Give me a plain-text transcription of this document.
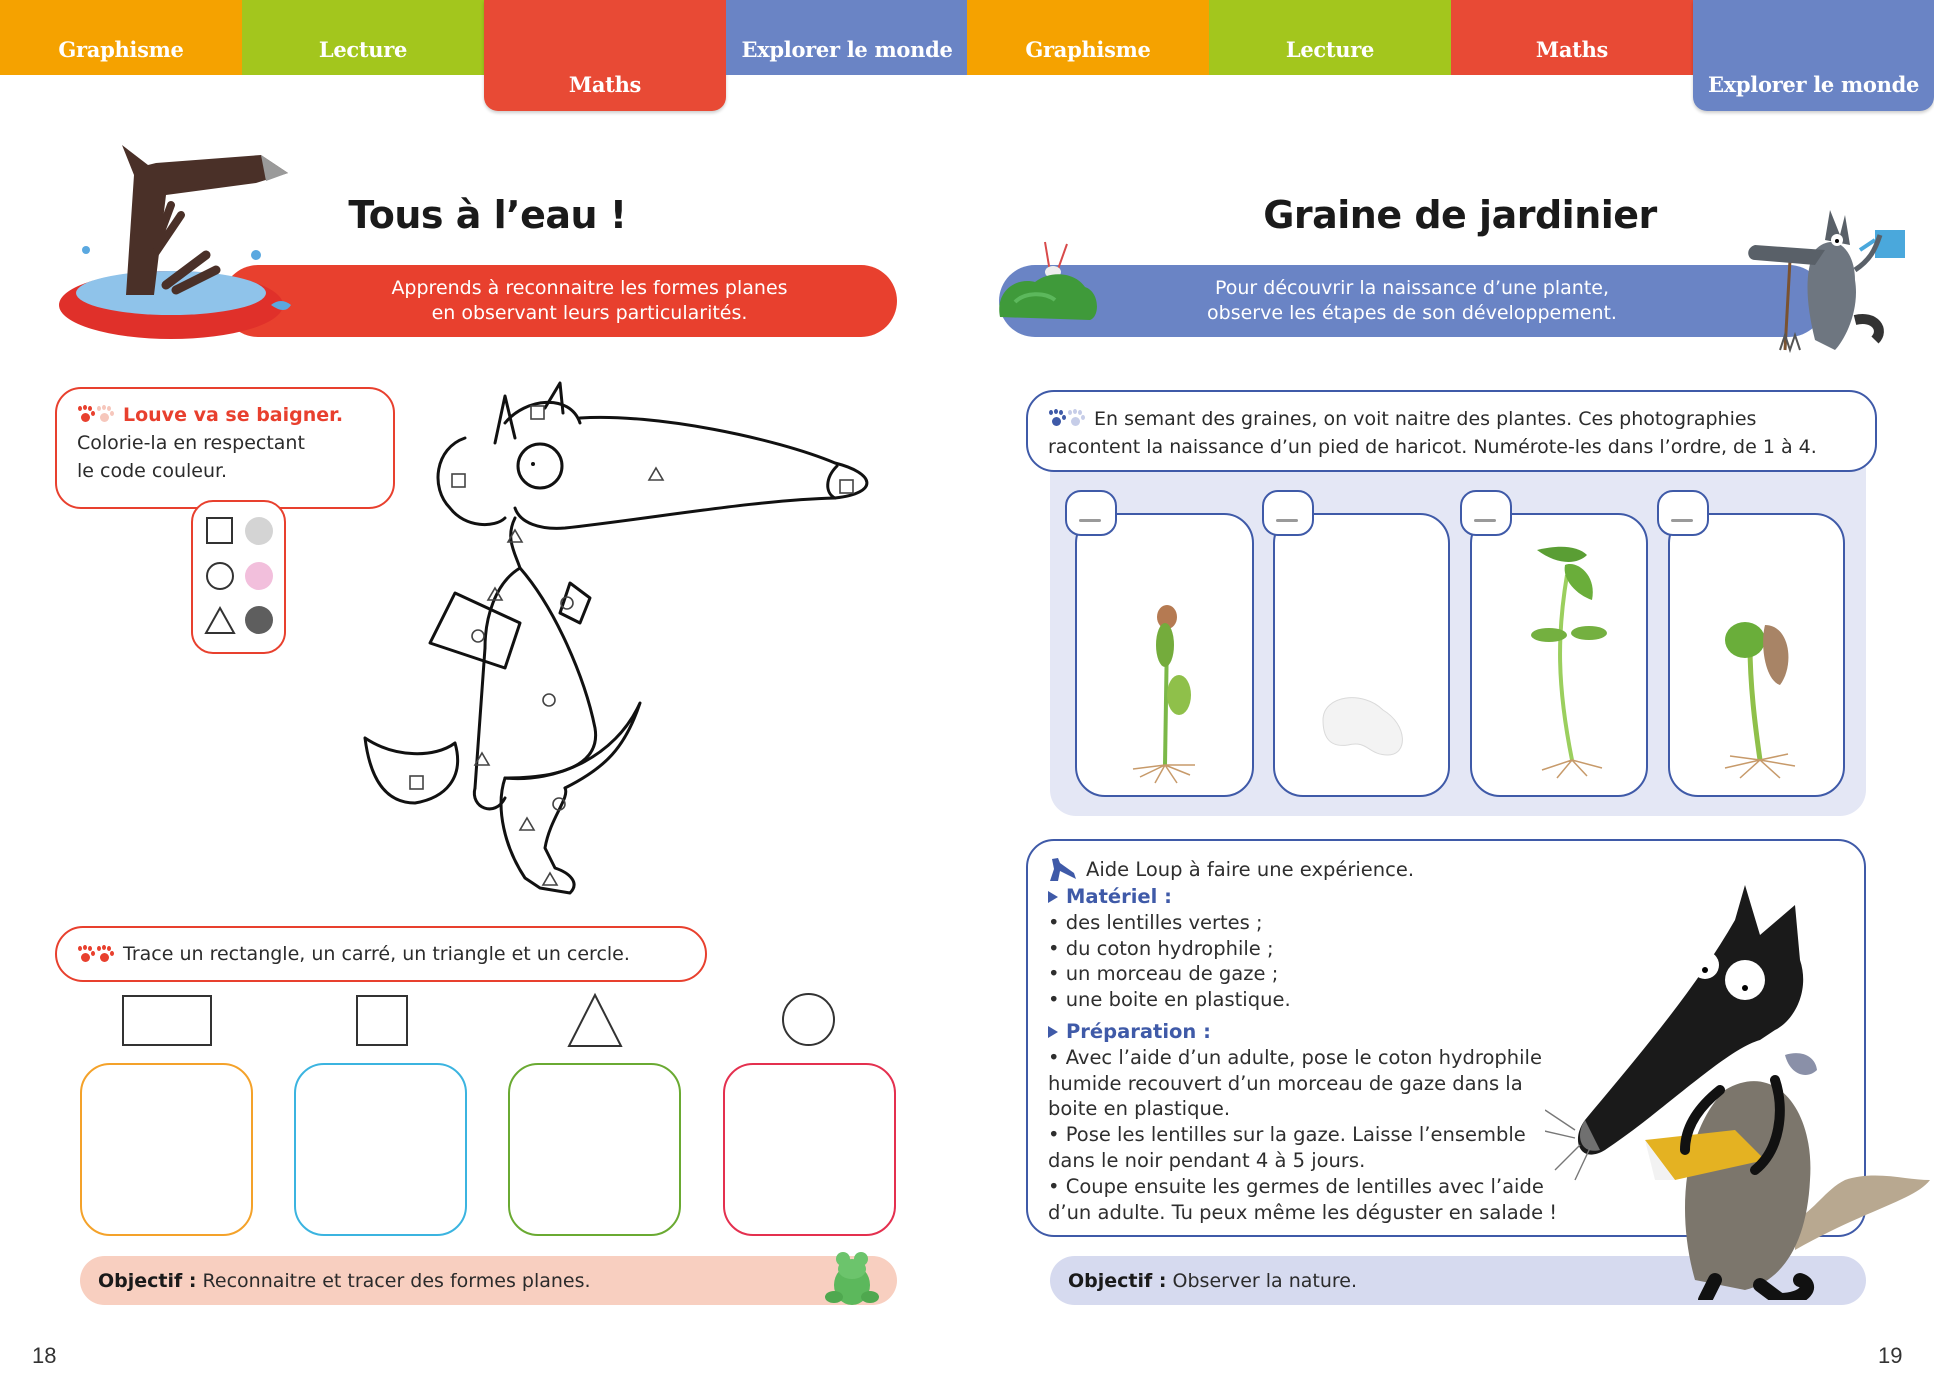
Graphisme	Lecture
Maths
Explorer le monde
Apprends à reconnaitre les formes planes
en observant leurs particularités.
Tous à l’eau !
Louve va se baigner.
Colorie-la en respectant
le code couleur.
Trace un rectangle, un carré, un triangle et un cercle.
Objectif : Reconnaitre et tracer des formes planes.
18
Graphisme	Lecture	Maths
Explorer le monde
Graine de jardinier
Pour découvrir la naissance d’une plante,
observe les étapes de son développement.
En semant des graines, on voit naitre des plantes. Ces photographies
racontent la naissance d’un pied de haricot. Numérote-les dans l’ordre, de 1 à 4.
Aide Loup à faire une expérience.
Matériel :
• des lentilles vertes ;
• du coton hydrophile ;
• un morceau de gaze ;
• une boite en plastique.
Préparation :
• Avec l’aide d’un adulte, pose le coton hydrophile
humide recouvert d’un morceau de gaze dans la
boite en plastique.
• Pose les lentilles sur la gaze. Laisse l’ensemble
dans le noir pendant 4 à 5 jours.
• Coupe ensuite les germes de lentilles avec l’aide
d’un adulte. Tu peux même les déguster en salade !
Objectif : Observer la nature.
19
